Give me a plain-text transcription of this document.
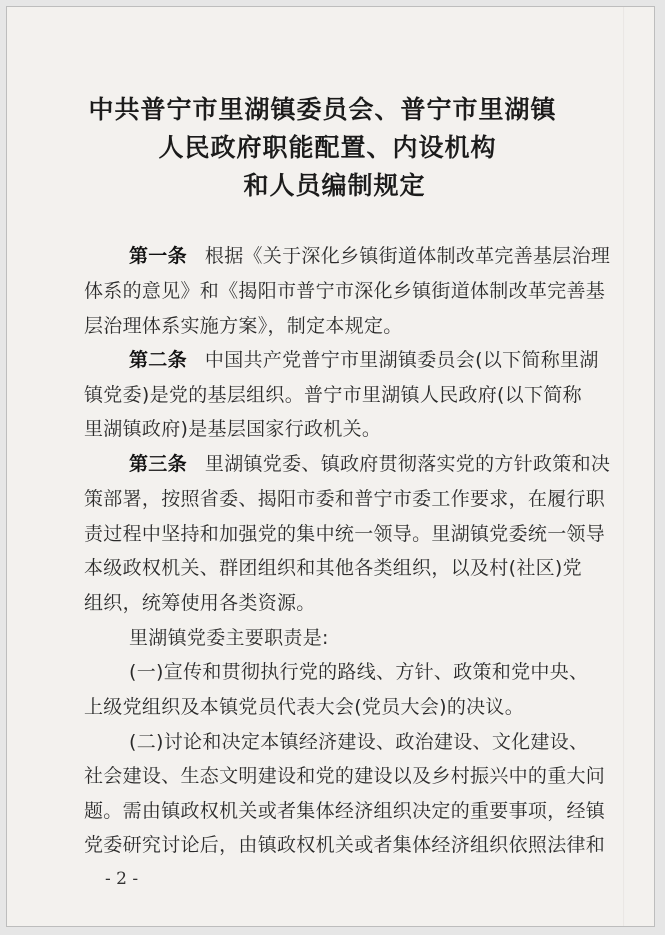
中共普宁市里湖镇委员会、普宁市里湖镇
人民政府职能配置、内设机构
和人员编制规定
第一条 根据《关于深化乡镇街道体制改革完善基层治理
体系的意见》和《揭阳市普宁市深化乡镇街道体制改革完善基
层治理体系实施方案》，制定本规定。
第二条 中国共产党普宁市里湖镇委员会(以下简称里湖
镇党委)是党的基层组织。普宁市里湖镇人民政府(以下简称
里湖镇政府)是基层国家行政机关。
第三条 里湖镇党委、镇政府贯彻落实党的方针政策和决
策部署，按照省委、揭阳市委和普宁市委工作要求，在履行职
责过程中坚持和加强党的集中统一领导。里湖镇党委统一领导
本级政权机关、群团组织和其他各类组织，以及村(社区)党
组织，统筹使用各类资源。
里湖镇党委主要职责是:
(一)宣传和贯彻执行党的路线、方针、政策和党中央、
上级党组织及本镇党员代表大会(党员大会)的决议。
(二)讨论和决定本镇经济建设、政治建设、文化建设、
社会建设、生态文明建设和党的建设以及乡村振兴中的重大问
题。需由镇政权机关或者集体经济组织决定的重要事项，经镇
党委研究讨论后，由镇政权机关或者集体经济组织依照法律和
- 2 -
